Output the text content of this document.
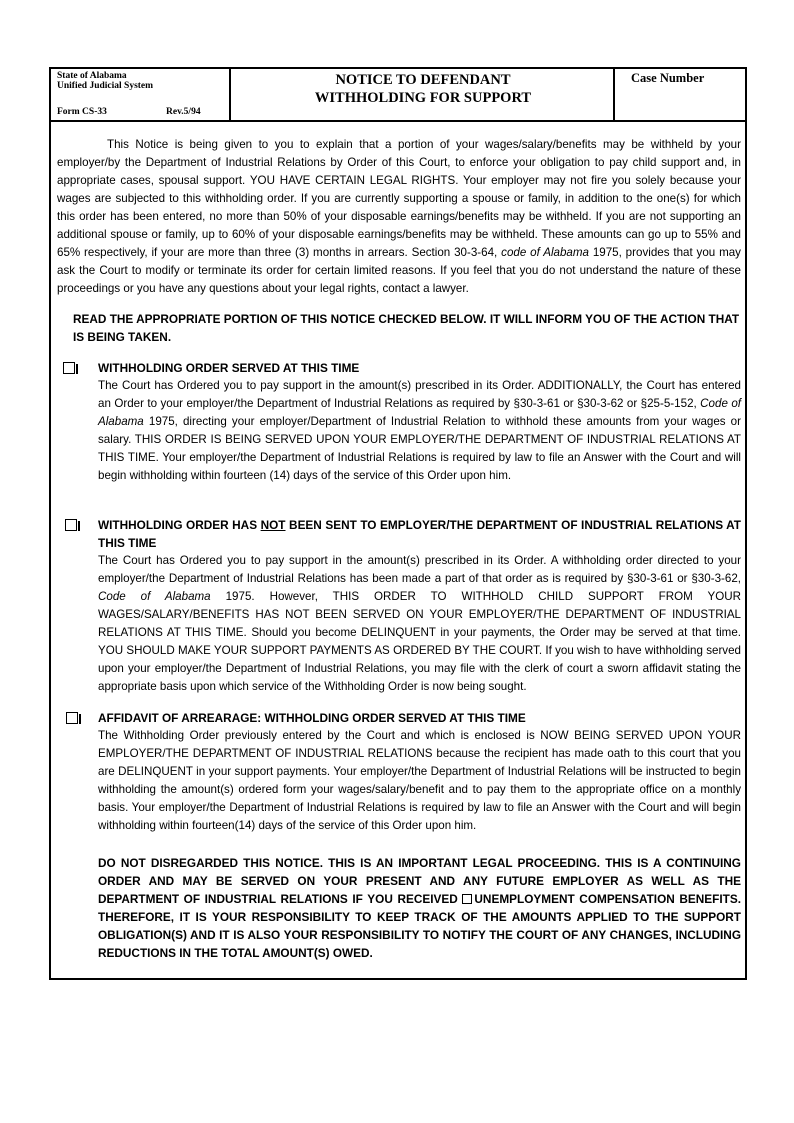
State of Alabama
Unified Judicial System
Form CS-33	Rev.5/94
NOTICE TO DEFENDANT
WITHHOLDING FOR SUPPORT
Case Number
This Notice is being given to you to explain that a portion of your wages/salary/benefits may be withheld by your employer/by the Department of Industrial Relations by Order of this Court, to enforce your obligation to pay child support and, in appropriate cases, spousal support. YOU HAVE CERTAIN LEGAL RIGHTS. Your employer may not fire you solely because your wages are subjected to this withholding order. If you are currently supporting a spouse or family, in addition to the one(s) for which this order has been entered, no more than 50% of your disposable earnings/benefits may be withheld. If you are not supporting an additional spouse or family, up to 60% of your disposable earnings/benefits may be withheld. These amounts can go up to 55% and 65% respectively, if your are more than three (3) months in arrears. Section 30-3-64, code of Alabama 1975, provides that you may ask the Court to modify or terminate its order for certain limited reasons. If you feel that you do not understand the nature of these proceedings or you have any questions about your legal rights, contact a lawyer.
READ THE APPROPRIATE PORTION OF THIS NOTICE CHECKED BELOW. IT WILL INFORM YOU OF THE ACTION THAT IS BEING TAKEN.
WITHHOLDING ORDER SERVED AT THIS TIME
The Court has Ordered you to pay support in the amount(s) prescribed in its Order. ADDITIONALLY, the Court has entered an Order to your employer/the Department of Industrial Relations as required by §30-3-61 or §30-3-62 or §25-5-152, Code of Alabama 1975, directing your employer/Department of Industrial Relation to withhold these amounts from your wages or salary. THIS ORDER IS BEING SERVED UPON YOUR EMPLOYER/THE DEPARTMENT OF INDUSTRIAL RELATIONS AT THIS TIME. Your employer/the Department of Industrial Relations is required by law to file an Answer with the Court and will begin withholding within fourteen (14) days of the service of this Order upon him.
WITHHOLDING ORDER HAS NOT BEEN SENT TO EMPLOYER/THE DEPARTMENT OF INDUSTRIAL RELATIONS AT THIS TIME
The Court has Ordered you to pay support in the amount(s) prescribed in its Order. A withholding order directed to your employer/the Department of Industrial Relations has been made a part of that order as is required by §30-3-61 or §30-3-62, Code of Alabama 1975. However, THIS ORDER TO WITHHOLD CHILD SUPPORT FROM YOUR WAGES/SALARY/BENEFITS HAS NOT BEEN SERVED ON YOUR EMPLOYER/THE DEPARTMENT OF INDUSTRIAL RELATIONS AT THIS TIME. Should you become DELINQUENT in your payments, the Order may be served at that time. YOU SHOULD MAKE YOUR SUPPORT PAYMENTS AS ORDERED BY THE COURT. If you wish to have withholding served upon your employer/the Department of Industrial Relations, you may file with the clerk of court a sworn affidavit stating the appropriate basis upon which service of the Withholding Order is now being sought.
AFFIDAVIT OF ARREARAGE: WITHHOLDING ORDER SERVED AT THIS TIME
The Withholding Order previously entered by the Court and which is enclosed is NOW BEING SERVED UPON YOUR EMPLOYER/THE DEPARTMENT OF INDUSTRIAL RELATIONS because the recipient has made oath to this court that you are DELINQUENT in your support payments. Your employer/the Department of Industrial Relations will be instructed to begin withholding the amount(s) ordered form your wages/salary/benefit and to pay them to the appropriate office on a monthly basis. Your employer/the Department of Industrial Relations is required by law to file an Answer with the Court and will begin withholding within fourteen(14) days of the service of this Order upon him.
DO NOT DISREGARDED THIS NOTICE. THIS IS AN IMPORTANT LEGAL PROCEEDING. THIS IS A CONTINUING ORDER AND MAY BE SERVED ON YOUR PRESENT AND ANY FUTURE EMPLOYER AS WELL AS THE DEPARTMENT OF INDUSTRIAL RELATIONS IF YOU RECEIVED UNEMPLOYMENT COMPENSATION BENEFITS. THEREFORE, IT IS YOUR RESPONSIBILITY TO KEEP TRACK OF THE AMOUNTS APPLIED TO THE SUPPORT OBLIGATION(S) AND IT IS ALSO YOUR RESPONSIBILITY TO NOTIFY THE COURT OF ANY CHANGES, INCLUDING REDUCTIONS IN THE TOTAL AMOUNT(S) OWED.
